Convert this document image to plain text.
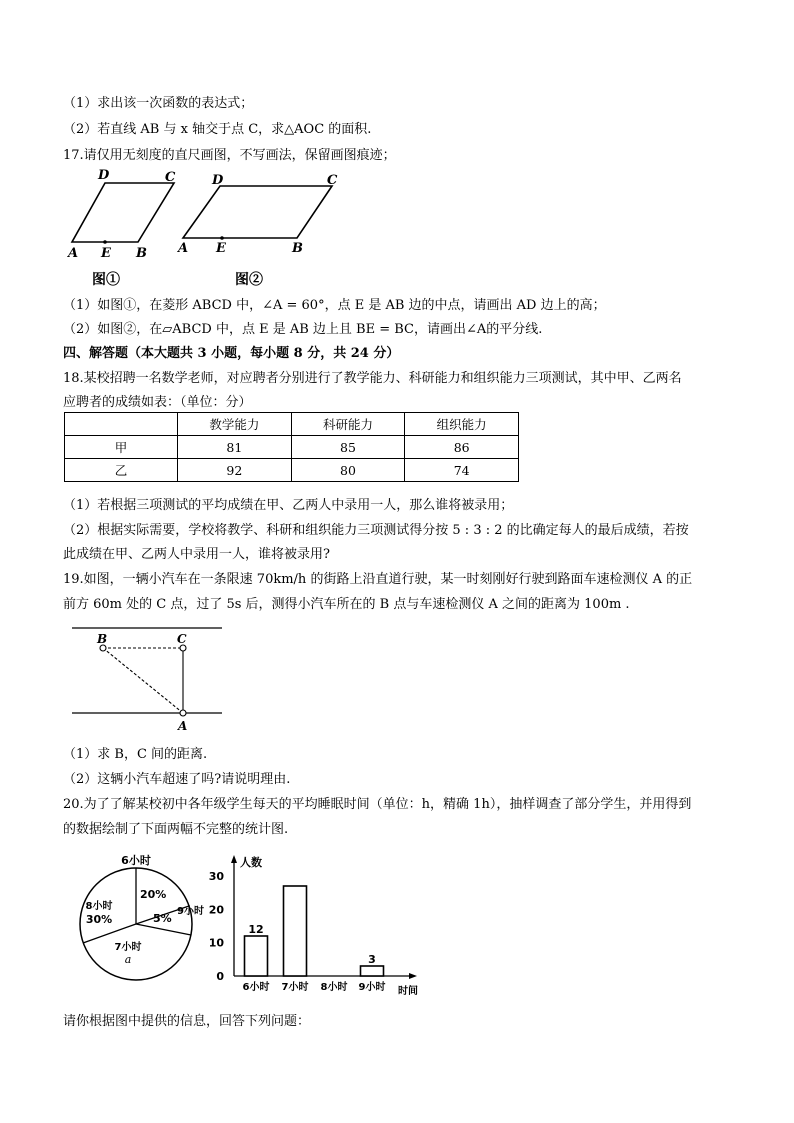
（1）求出该一次函数的表达式；
（2）若直线 AB 与 x 轴交于点 C，求△AOC 的面积.
17.请仅用无刻度的直尺画图，不写画法，保留画图痕迹；
D	C
A E B
图①
D	C
A E	B
图②
（1）如图①，在菱形 ABCD 中，∠A = 60°，点 E 是 AB 边的中点，请画出 AD 边上的高；
（2）如图②，在▱ABCD 中，点 E 是 AB 边上且 BE = BC，请画出∠A的平分线.
四、解答题（本大题共 3 小题，每小题 8 分，共 24 分）
18.某校招聘一名数学老师，对应聘者分别进行了教学能力、科研能力和组织能力三项测试，其中甲、乙两名
应聘者的成绩如表：（单位：分）
	教学能力	科研能力	组织能力
甲	81	85	86
乙	92	80	74
（1）若根据三项测试的平均成绩在甲、乙两人中录用一人，那么谁将被录用；
（2）根据实际需要，学校将教学、科研和组织能力三项测试得分按 5 : 3 : 2 的比确定每人的最后成绩，若按
此成绩在甲、乙两人中录用一人，谁将被录用?
19.如图，一辆小汽车在一条限速 70km/h 的街路上沿直道行驶，某一时刻刚好行驶到路面车速检测仪 A 的正
前方 60m 处的 C 点，过了 5s 后，测得小汽车所在的 B 点与车速检测仪 A 之间的距离为 100m .
B	C
A
（1）求 B，C 间的距离.
（2）这辆小汽车超速了吗?请说明理由.
20.为了了解某校初中各年级学生每天的平均睡眠时间（单位：h，精确 1h），抽样调查了部分学生，并用得到
的数据绘制了下面两幅不完整的统计图.
6小时
20%
9小时
5%
7小时
a
8小时
30%
人数
时间
0
10
20
30
12
3
6小时 7小时 8小时 9小时
请你根据图中提供的信息，回答下列问题：
